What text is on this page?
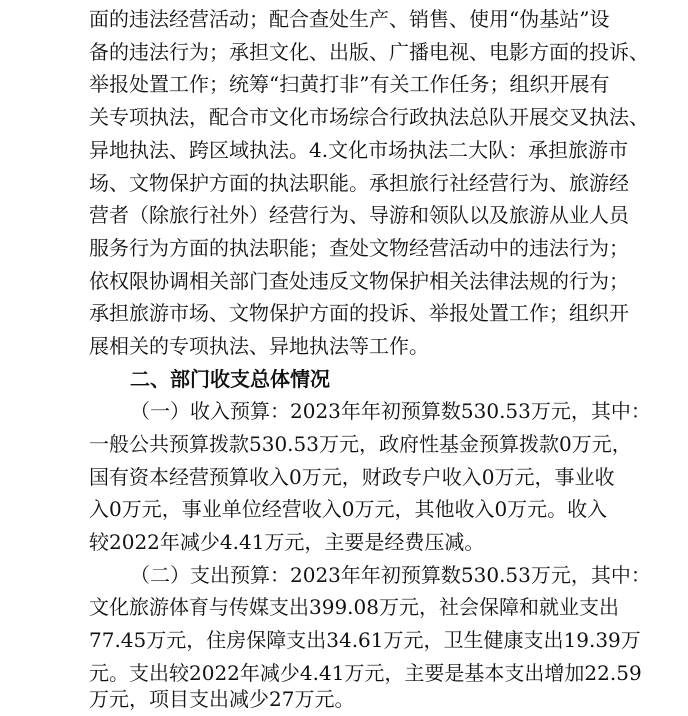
面的违法经营活动；配合查处生产、销售、使用“伪基站”设
备的违法行为；承担文化、出版、广播电视、电影方面的投诉、
举报处置工作；统筹“扫黄打非”有关工作任务；组织开展有
关专项执法，配合市文化市场综合行政执法总队开展交叉执法、
异地执法、跨区域执法。4.文化市场执法二大队：承担旅游市
场、文物保护方面的执法职能。承担旅行社经营行为、旅游经
营者（除旅行社外）经营行为、导游和领队以及旅游从业人员
服务行为方面的执法职能；查处文物经营活动中的违法行为；
依权限协调相关部门查处违反文物保护相关法律法规的行为；
承担旅游市场、文物保护方面的投诉、举报处置工作；组织开
展相关的专项执法、异地执法等工作。
二、部门收支总体情况
（一）收入预算：2023年年初预算数530.53万元，其中：
一般公共预算拨款530.53万元，政府性基金预算拨款0万元，
国有资本经营预算收入0万元，财政专户收入0万元，事业收
入0万元，事业单位经营收入0万元，其他收入0万元。收入
较2022年减少4.41万元，主要是经费压减。
（二）支出预算：2023年年初预算数530.53万元，其中：
文化旅游体育与传媒支出399.08万元，社会保障和就业支出
77.45万元，住房保障支出34.61万元，卫生健康支出19.39万
元。支出较2022年减少4.41万元，主要是基本支出增加22.59
万元，项目支出减少27万元。
